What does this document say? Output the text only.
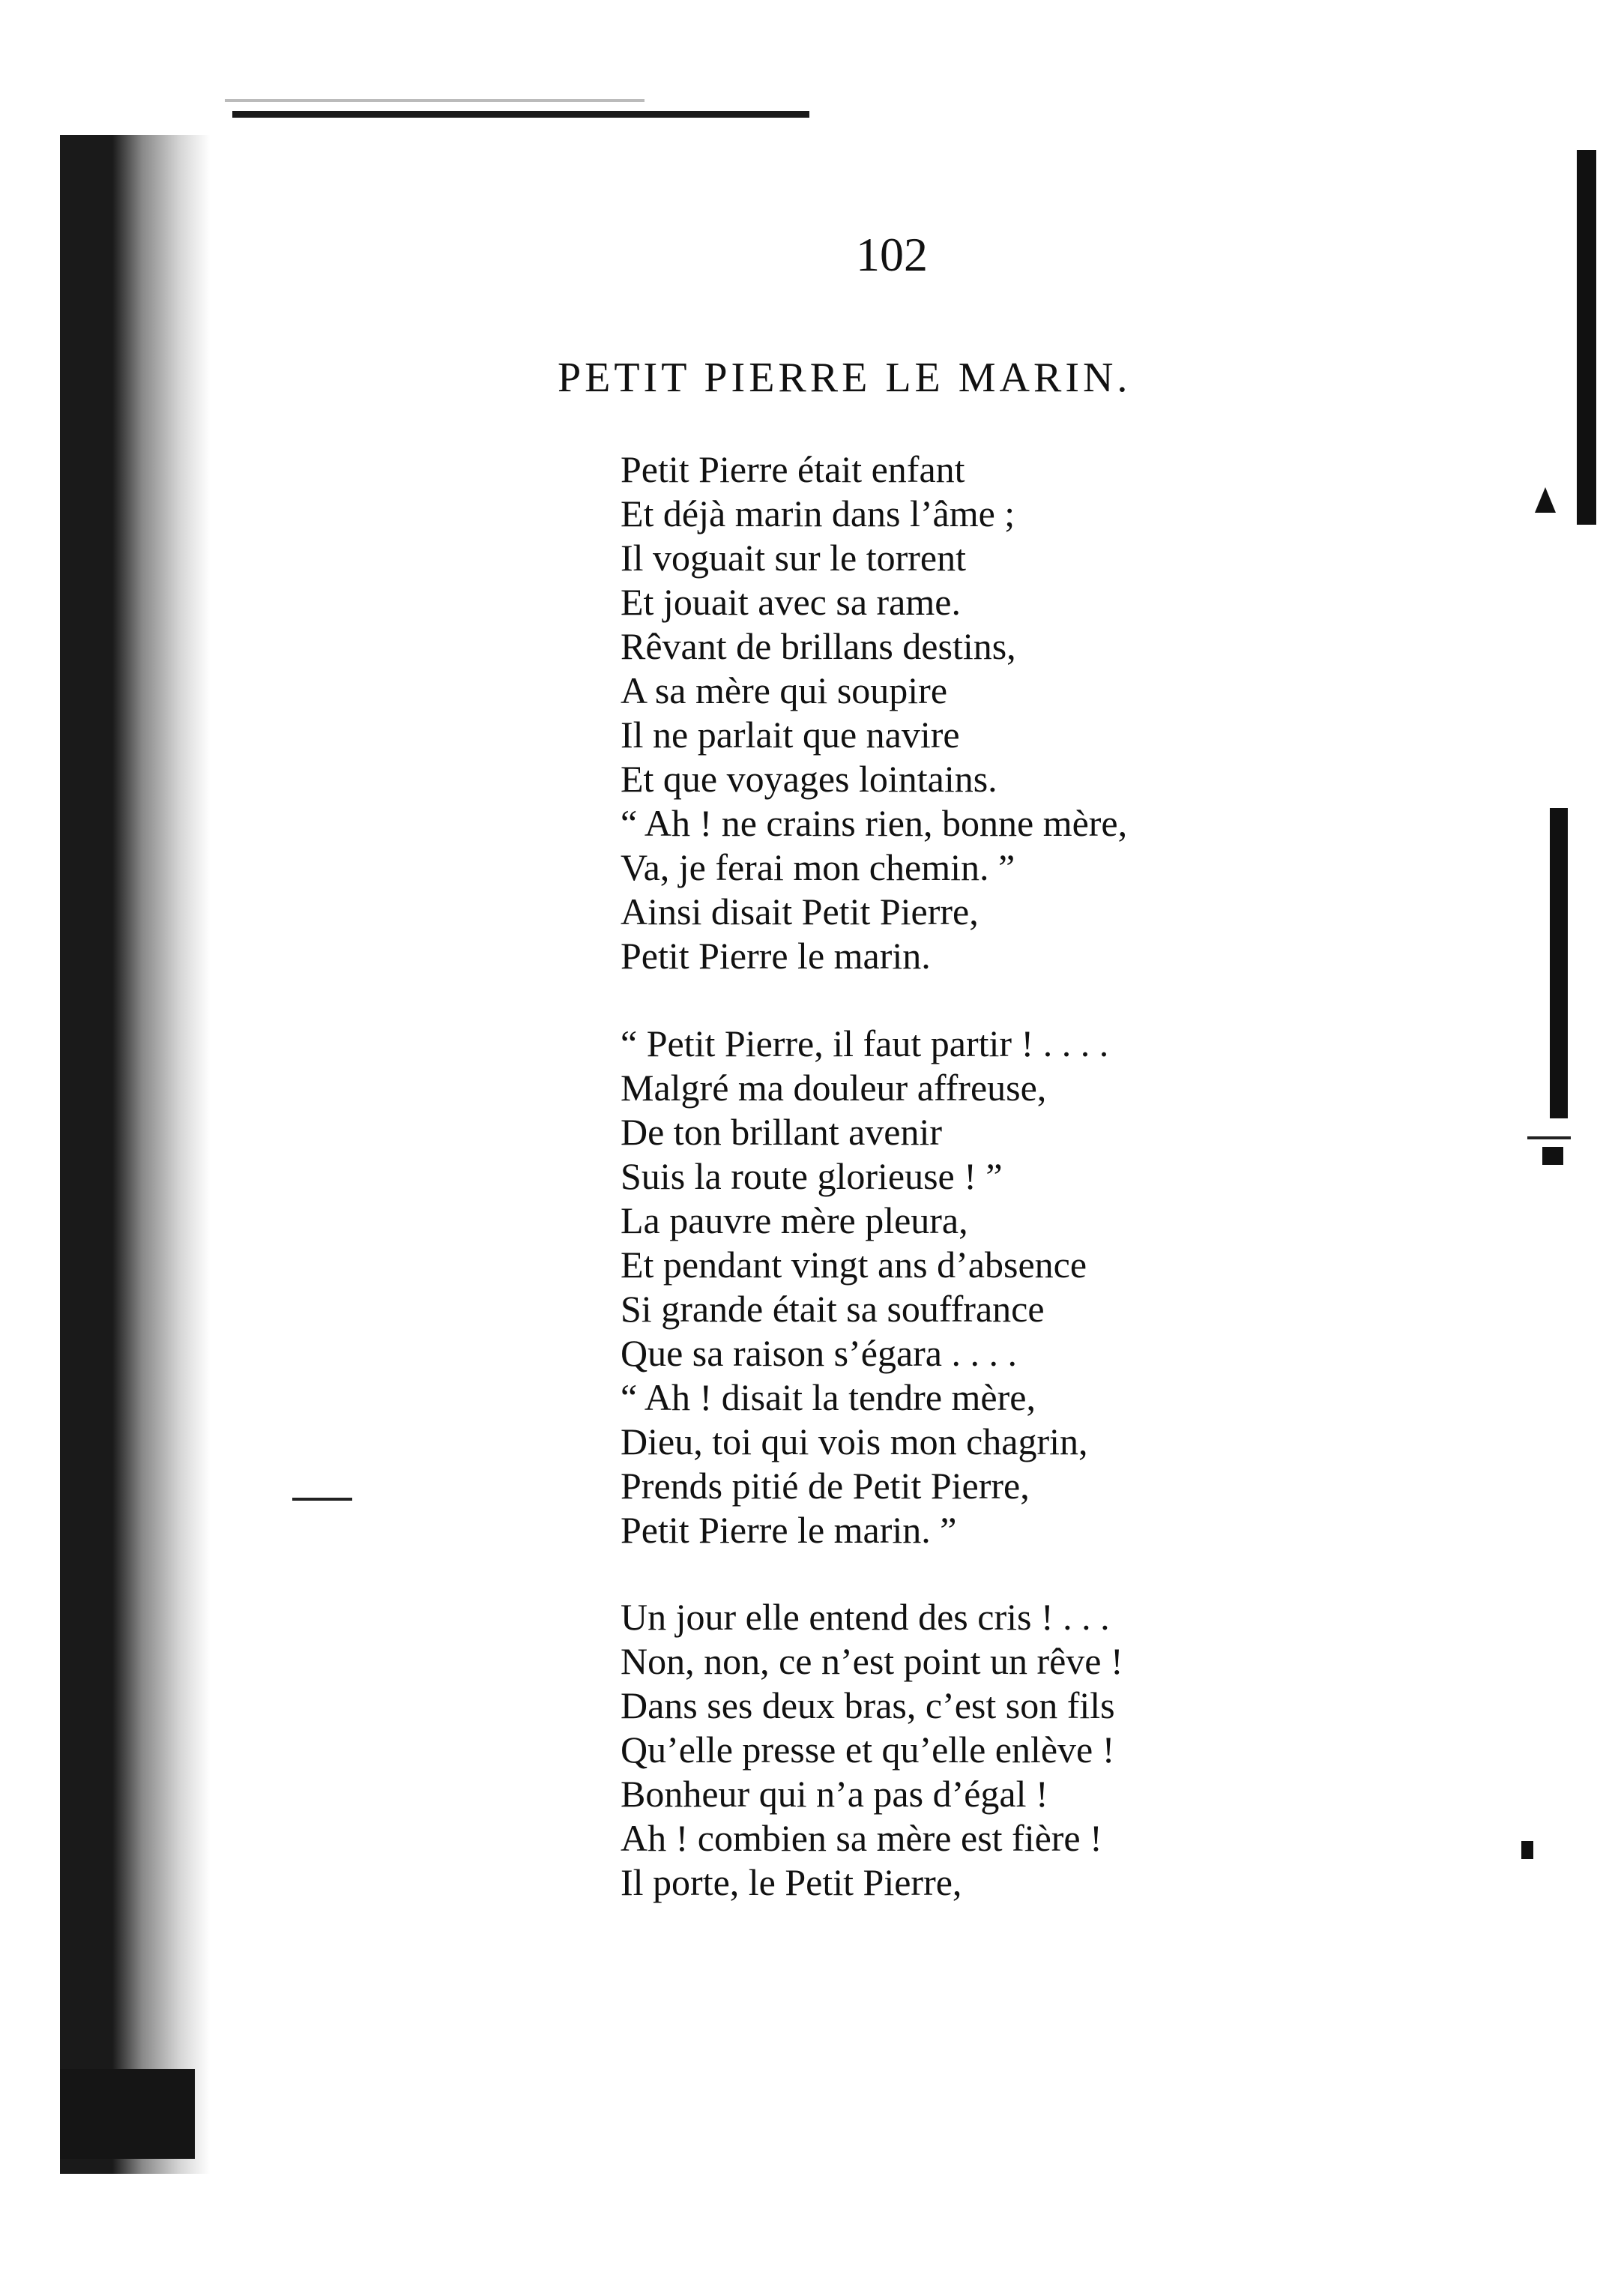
102
PETIT PIERRE LE MARIN.
Petit Pierre était enfant
Et déjà marin dans l’âme ;
Il voguait sur le torrent
Et jouait avec sa rame.
Rêvant de brillans destins,
A sa mère qui soupire
Il ne parlait que navire
Et que voyages lointains.
“ Ah ! ne crains rien, bonne mère,
Va, je ferai mon chemin. ”
Ainsi disait Petit Pierre,
Petit Pierre le marin.
“ Petit Pierre, il faut partir ! . . . .
Malgré ma douleur affreuse,
De ton brillant avenir
Suis la route glorieuse ! ”
La pauvre mère pleura,
Et pendant vingt ans d’absence
Si grande était sa souffrance
Que sa raison s’égara . . . .
“ Ah ! disait la tendre mère,
Dieu, toi qui vois mon chagrin,
Prends pitié de Petit Pierre,
Petit Pierre le marin. ”
Un jour elle entend des cris ! . . .
Non, non, ce n’est point un rêve !
Dans ses deux bras, c’est son fils
Qu’elle presse et qu’elle enlève !
Bonheur qui n’a pas d’égal !
Ah ! combien sa mère est fière !
Il porte, le Petit Pierre,
